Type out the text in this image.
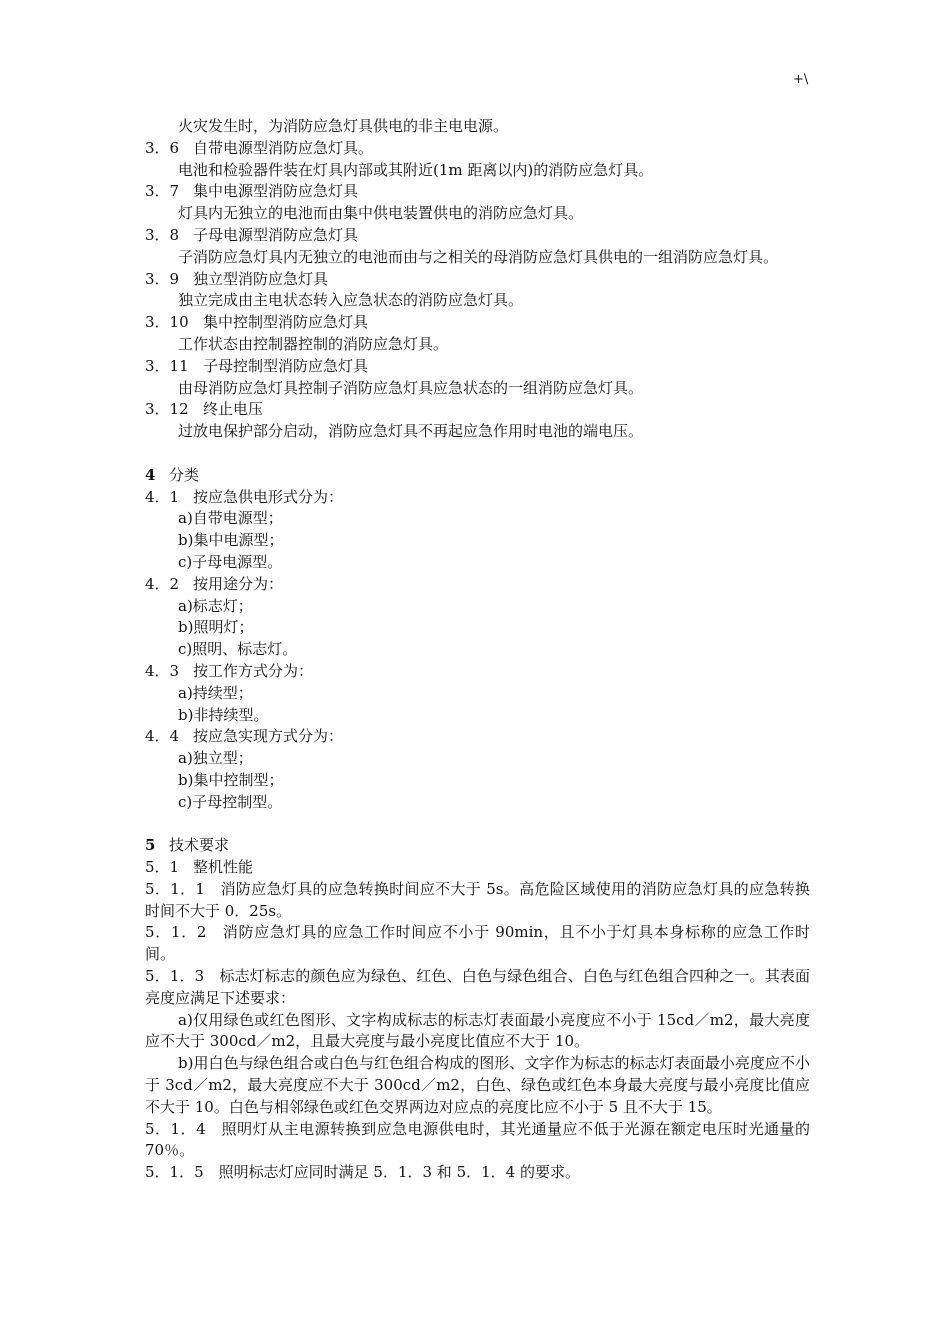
+\
火灾发生时，为消防应急灯具供电的非主电电源。
3．6 自带电源型消防应急灯具。
电池和检验器件装在灯具内部或其附近(1m 距离以内)的消防应急灯具。
3．7 集中电源型消防应急灯具
灯具内无独立的电池而由集中供电装置供电的消防应急灯具。
3．8 子母电源型消防应急灯具
子消防应急灯具内无独立的电池而由与之相关的母消防应急灯具供电的一组消防应急灯具。
3．9 独立型消防应急灯具
独立完成由主电状态转入应急状态的消防应急灯具。
3．10 集中控制型消防应急灯具
工作状态由控制器控制的消防应急灯具。
3．11 子母控制型消防应急灯具
由母消防应急灯具控制子消防应急灯具应急状态的一组消防应急灯具。
3．12 终止电压
过放电保护部分启动，消防应急灯具不再起应急作用时电池的端电压。
4 分类
4．1 按应急供电形式分为：
a)自带电源型；
b)集中电源型；
c)子母电源型。
4．2 按用途分为：
a)标志灯；
b)照明灯；
c)照明、标志灯。
4．3 按工作方式分为：
a)持续型；
b)非持续型。
4．4 按应急实现方式分为：
a)独立型；
b)集中控制型；
c)子母控制型。
5 技术要求
5．1 整机性能
5．1．1　消防应急灯具的应急转换时间应不大于 5s。高危险区域使用的消防应急灯具的应急转换时间不大于 0．25s。
5．1．2　消防应急灯具的应急工作时间应不小于 90min，且不小于灯具本身标称的应急工作时间。
5．1．3　标志灯标志的颜色应为绿色、红色、白色与绿色组合、白色与红色组合四种之一。其表面亮度应满足下述要求：
a)仅用绿色或红色图形、文字构成标志的标志灯表面最小亮度应不小于 15cd／m2，最大亮度应不大于 300cd／m2，且最大亮度与最小亮度比值应不大于 10。
b)用白色与绿色组合或白色与红色组合构成的图形、文字作为标志的标志灯表面最小亮度应不小于 3cd／m2，最大亮度应不大于 300cd／m2，白色、绿色或红色本身最大亮度与最小亮度比值应不大于 10。白色与相邻绿色或红色交界两边对应点的亮度比应不小于 5 且不大于 15。
5．1．4　照明灯从主电源转换到应急电源供电时，其光通量应不低于光源在额定电压时光通量的 70％。
5．1．5　照明标志灯应同时满足 5．1．3 和 5．1．4 的要求。
